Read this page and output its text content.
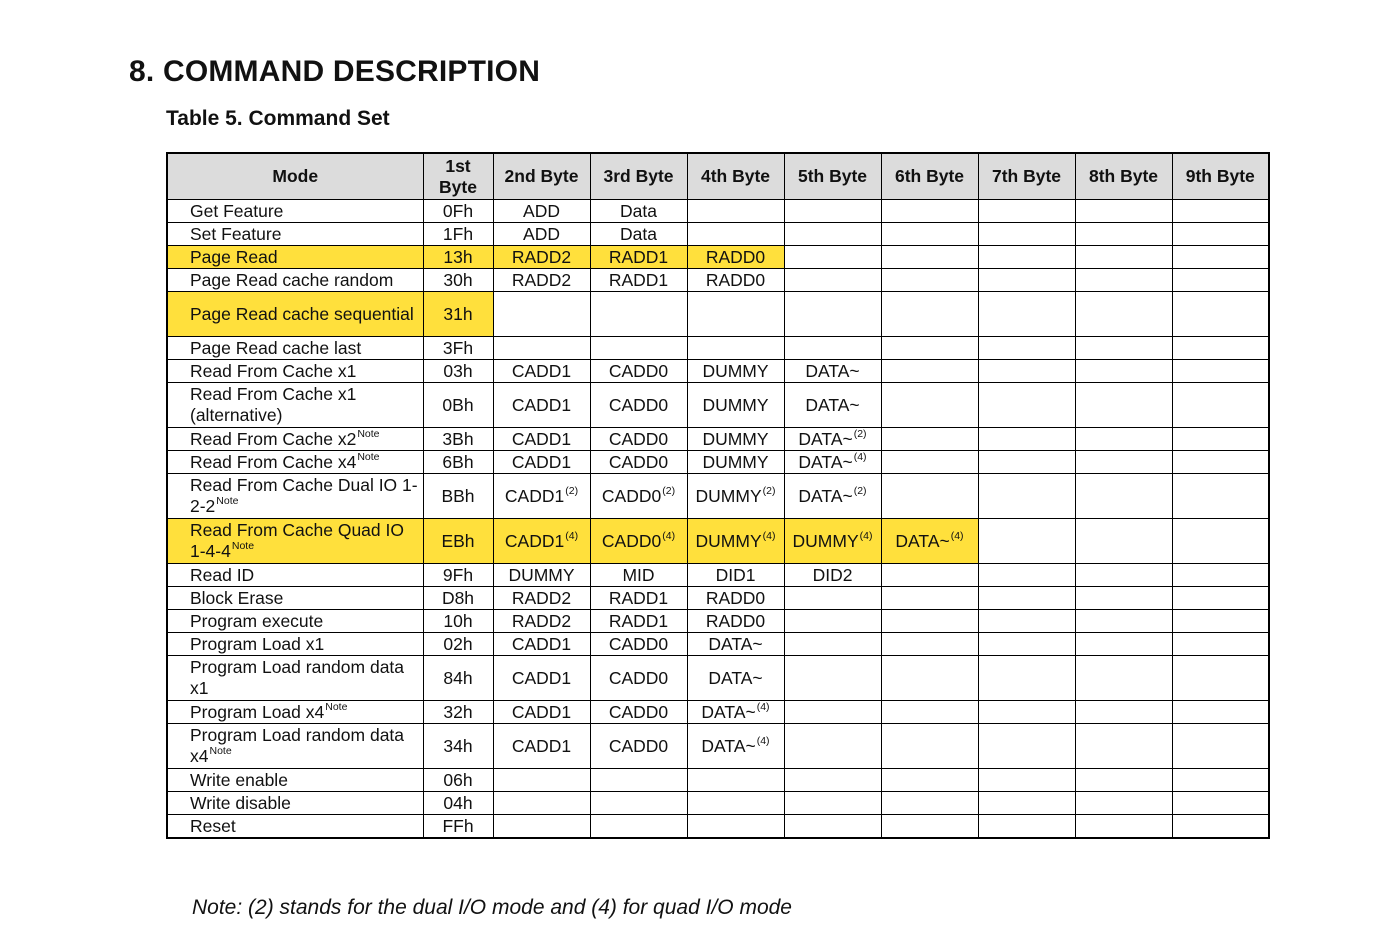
8. COMMAND DESCRIPTION
Table 5. Command Set
Mode	1st Byte	2nd Byte	3rd Byte	4th Byte	5th Byte	6th Byte	7th Byte	8th Byte	9th Byte
Get Feature	0Fh	ADD	Data						
Set Feature	1Fh	ADD	Data						
Page Read	13h	RADD2	RADD1	RADD0					
Page Read cache random	30h	RADD2	RADD1	RADD0					
Page Read cache sequential	31h								
Page Read cache last	3Fh								
Read From Cache x1	03h	CADD1	CADD0	DUMMY	DATA~				
Read From Cache x1 (alternative)	0Bh	CADD1	CADD0	DUMMY	DATA~				
Read From Cache $x2^{Note}$	3Bh	CADD1	CADD0	DUMMY	DATA~$^{(2)}$				
Read From Cache $x4^{Note}$	6Bh	CADD1	CADD0	DUMMY	DATA~$^{(4)}$				
Read From Cache Dual IO $1-2-2^{Note}$	BBh	CADD1$^{(2)}$	CADD0$^{(2)}$	DUMMY$^{(2)}$	DATA~$^{(2)}$				
Read From Cache Quad IO $1-4-4^{Note}$	EBh	CADD1$^{(4)}$	CADD0$^{(4)}$	DUMMY$^{(4)}$	DUMMY$^{(4)}$	DATA~$^{(4)}$			
Read ID	9Fh	DUMMY	MID	DID1	DID2				
Block Erase	D8h	RADD2	RADD1	RADD0					
Program execute	10h	RADD2	RADD1	RADD0					
Program Load x1	02h	CADD1	CADD0	DATA~					
Program Load random data x1	84h	CADD1	CADD0	DATA~					
Program Load $x4^{Note}$	32h	CADD1	CADD0	DATA~$^{(4)}$					
Program Load random data $x4^{Note}$	34h	CADD1	CADD0	DATA~$^{(4)}$					
Write enable	06h								
Write disable	04h								
Reset	FFh								
Note: (2) stands for the dual I/O mode and (4) for quad I/O mode
